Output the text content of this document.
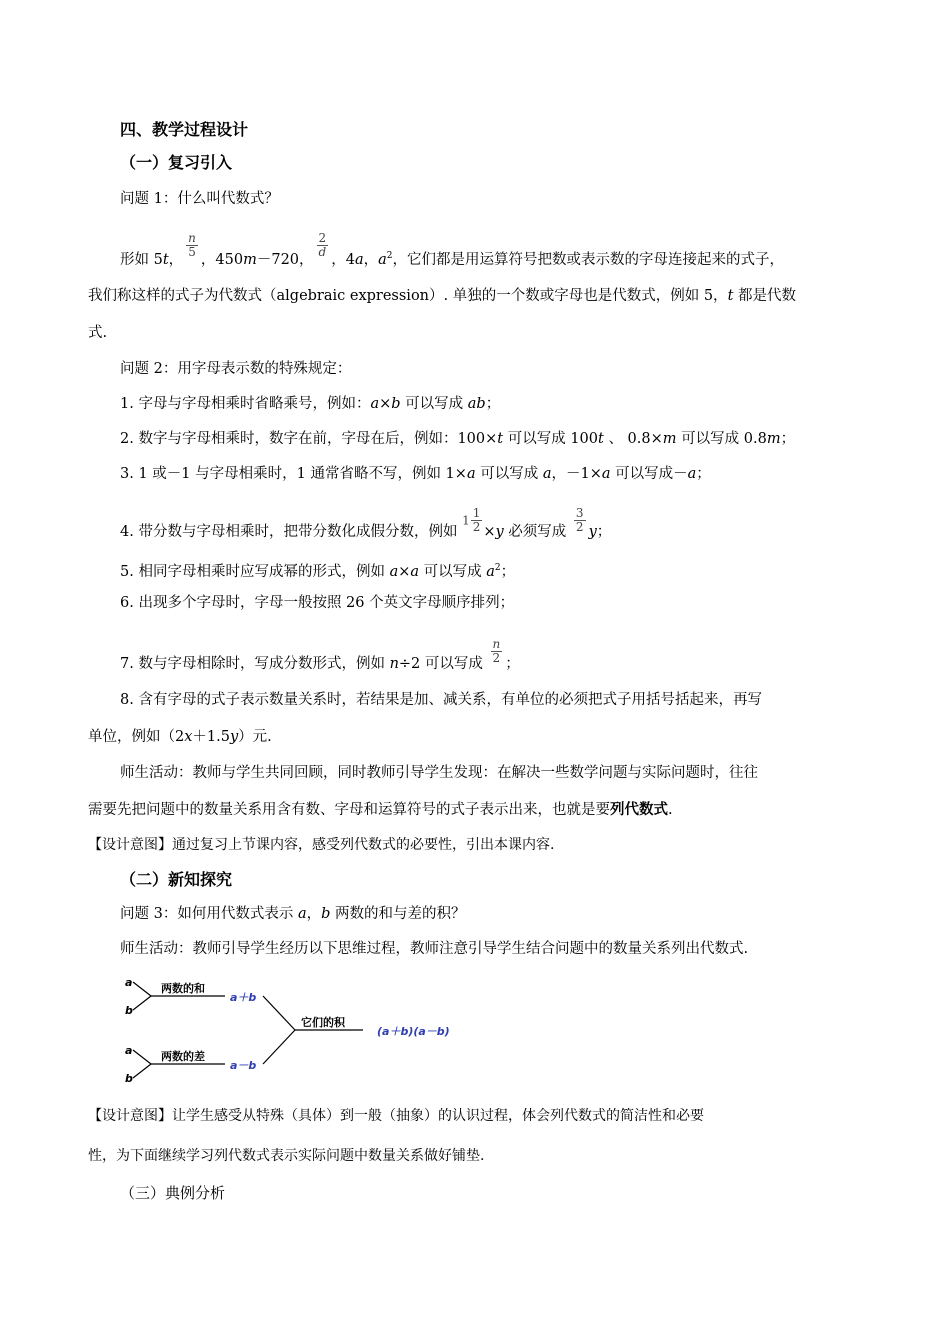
四、教学过程设计
（一）复习引入
问题 1：什么叫代数式？
形如 5t，
$\frac{n}{5}$
，450m－720，
$\frac{2}{d}$
，4a，$a^2$，它们都是用运算符号把数或表示数的字母连接起来的式子，
我们称这样的式子为代数式（algebraic expression）. 单独的一个数或字母也是代数式，例如 5，t 都是代数
式.
问题 2：用字母表示数的特殊规定：
1. 字母与字母相乘时省略乘号，例如：a×b 可以写成 ab；
2. 数字与字母相乘时，数字在前，字母在后，例如：100×t 可以写成 100t 、 0.8×m 可以写成 0.8m；
3. 1 或－1 与字母相乘时，1 通常省略不写，例如 1×a 可以写成 a，－1×a 可以写成－a；
4. 带分数与字母相乘时，把带分数化成假分数，例如 $1 \frac{1}{2} \times y$ 必须写成 $\frac{3}{2}$ y；
5. 相同字母相乘时应写成幂的形式，例如 a×a 可以写成 $a^2$；
6. 出现多个字母时，字母一般按照 26 个英文字母顺序排列；
7. 数与字母相除时，写成分数形式，例如 n÷2 可以写成 $\frac{n}{2}$ ；
8. 含有字母的式子表示数量关系时，若结果是加、减关系，有单位的必须把式子用括号括起来，再写
单位，例如（2x＋1.5y）元.
师生活动：教师与学生共同回顾，同时教师引导学生发现：在解决一些数学问题与实际问题时，往往
需要先把问题中的数量关系用含有数、字母和运算符号的式子表示出来，也就是要列代数式.
【设计意图】通过复习上节课内容，感受列代数式的必要性，引出本课内容.
（二）新知探究
问题 3：如何用代数式表示 a，b 两数的和与差的积？
师生活动：教师引导学生经历以下思维过程，教师注意引导学生结合问题中的数量关系列出代数式.
a
b
两数的和
a＋b
a
b
两数的差
a－b
它们的积
(a＋b)(a－b)
【设计意图】让学生感受从特殊（具体）到一般（抽象）的认识过程，体会列代数式的简洁性和必要
性，为下面继续学习列代数式表示实际问题中数量关系做好铺垫.
（三）典例分析
